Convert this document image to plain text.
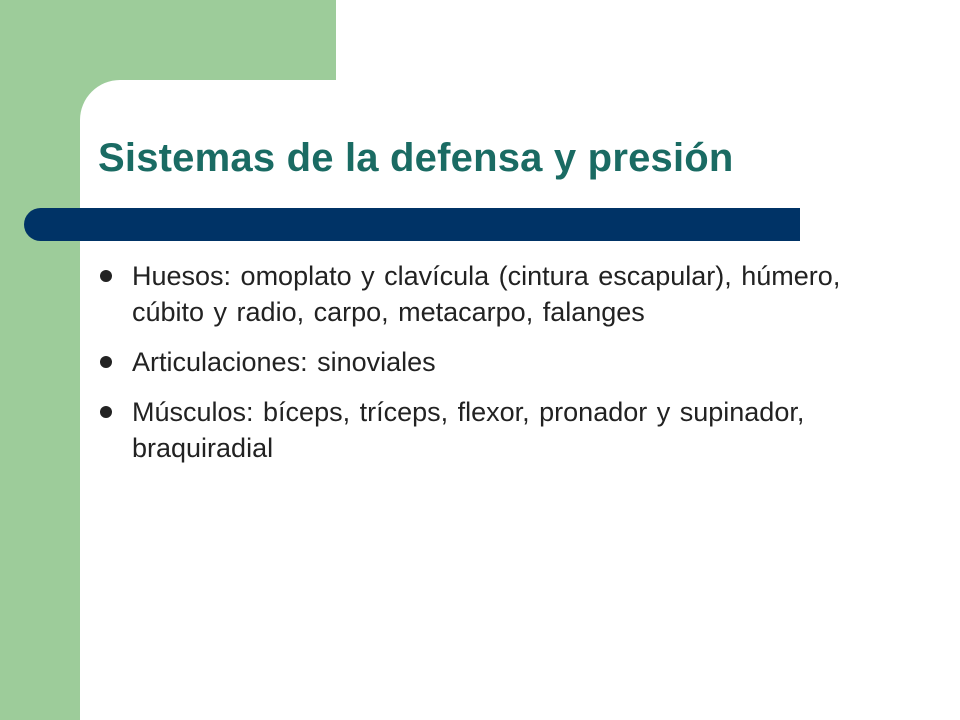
Sistemas de la defensa y presión
Huesos: omoplato y clavícula (cintura escapular), húmero, cúbito y radio, carpo, metacarpo, falanges
Articulaciones: sinoviales
Músculos: bíceps, tríceps, flexor, pronador y supinador, braquiradial
